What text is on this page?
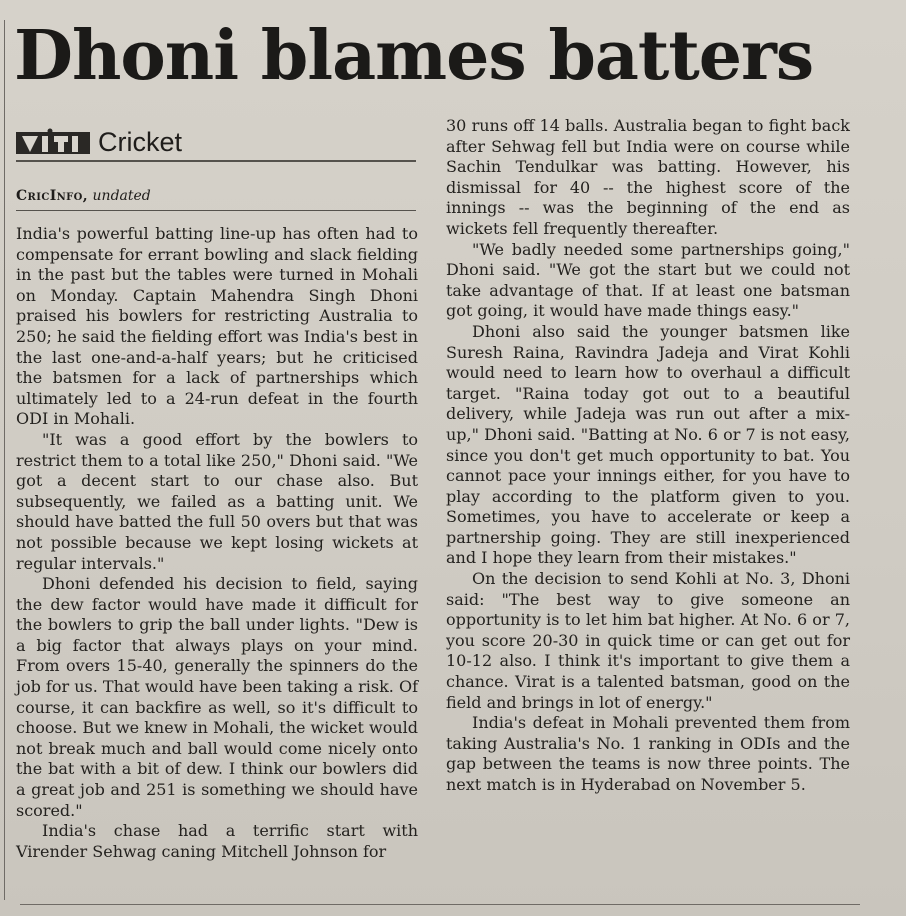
Dhoni blames batters
Cricket
CricInfo, undated

India's powerful batting line-up has often had to compensate for errant bowling and slack fielding in the past but the tables were turned in Mohali on Monday. Captain Mahendra Singh Dhoni praised his bowlers for restricting Australia to 250; he said the fielding effort was India's best in the last one-and-a-half years; but he criticised the batsmen for a lack of partnerships which ultimately led to a 24-run defeat in the fourth ODI in Mohali.

"It was a good effort by the bowlers to restrict them to a total like 250," Dhoni said. "We got a decent start to our chase also. But subsequently, we failed as a batting unit. We should have batted the full 50 overs but that was not possible because we kept losing wickets at regular intervals."

Dhoni defended his decision to field, saying the dew factor would have made it difficult for the bowlers to grip the ball under lights. "Dew is a big factor that always plays on your mind. From overs 15-40, generally the spinners do the job for us. That would have been taking a risk. Of course, it can backfire as well, so it's difficult to choose. But we knew in Mohali, the wicket would not break much and ball would come nicely onto the bat with a bit of dew. I think our bowlers did a great job and 251 is something we should have scored."

India's chase had a terrific start with Virender Sehwag caning Mitchell Johnson for

30 runs off 14 balls. Australia began to fight back after Sehwag fell but India were on course while Sachin Tendulkar was batting. However, his dismissal for 40 -- the highest score of the innings -- was the beginning of the end as wickets fell frequently thereafter.

"We badly needed some partnerships going," Dhoni said. "We got the start but we could not take advantage of that. If at least one batsman got going, it would have made things easy."

Dhoni also said the younger batsmen like Suresh Raina, Ravindra Jadeja and Virat Kohli would need to learn how to overhaul a difficult target. "Raina today got out to a beautiful delivery, while Jadeja was run out after a mix-up," Dhoni said. "Batting at No. 6 or 7 is not easy, since you don't get much opportunity to bat. You cannot pace your innings either, for you have to play according to the platform given to you. Sometimes, you have to accelerate or keep a partnership going. They are still inexperienced and I hope they learn from their mistakes."

On the decision to send Kohli at No. 3, Dhoni said: "The best way to give someone an opportunity is to let him bat higher. At No. 6 or 7, you score 20-30 in quick time or can get out for 10-12 also. I think it's important to give them a chance. Virat is a talented batsman, good on the field and brings in lot of energy."

India's defeat in Mohali prevented them from taking Australia's No. 1 ranking in ODIs and the gap between the teams is now three points. The next match is in Hyderabad on November 5.
